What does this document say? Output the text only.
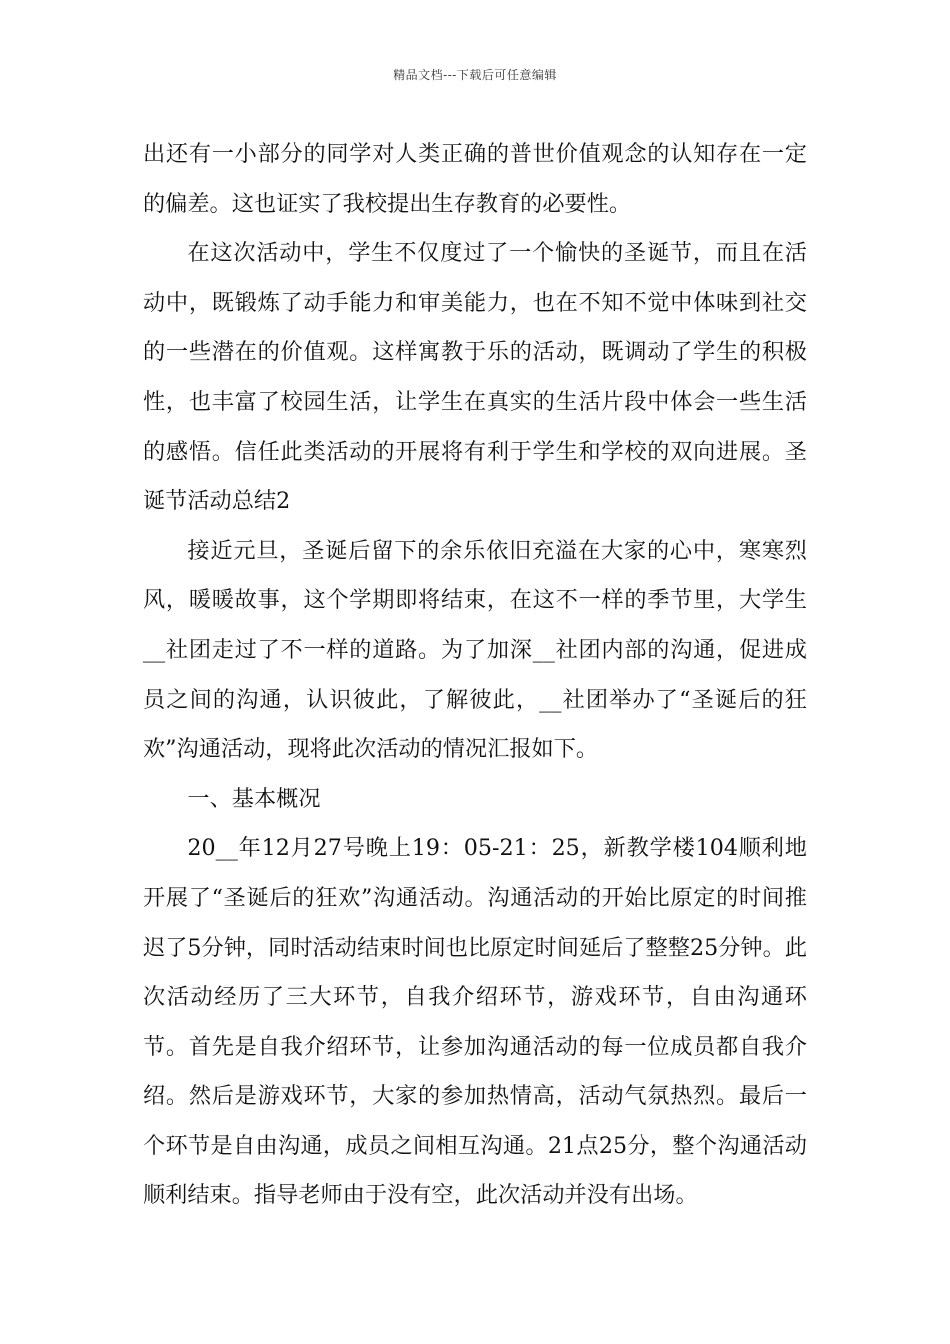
精品文档---下载后可任意编辑

出还有一小部分的同学对人类正确的普世价值观念的认知存在一定的偏差。这也证实了我校提出生存教育的必要性。

在这次活动中，学生不仅度过了一个愉快的圣诞节，而且在活动中，既锻炼了动手能力和审美能力，也在不知不觉中体味到社交的一些潜在的价值观。这样寓教于乐的活动，既调动了学生的积极性，也丰富了校园生活，让学生在真实的生活片段中体会一些生活的感悟。信任此类活动的开展将有利于学生和学校的双向进展。圣诞节活动总结2

接近元旦，圣诞后留下的余乐依旧充溢在大家的心中，寒寒烈风，暖暖故事，这个学期即将结束，在这不一样的季节里，大学生__社团走过了不一样的道路。为了加深__社团内部的沟通，促进成员之间的沟通，认识彼此，了解彼此，__社团举办了“圣诞后的狂欢”沟通活动，现将此次活动的情况汇报如下。

一、基本概况

20__年12月27号晚上19：05-21：25，新教学楼104顺利地开展了“圣诞后的狂欢”沟通活动。沟通活动的开始比原定的时间推迟了5分钟，同时活动结束时间也比原定时间延后了整整25分钟。此次活动经历了三大环节，自我介绍环节，游戏环节，自由沟通环节。首先是自我介绍环节，让参加沟通活动的每一位成员都自我介绍。然后是游戏环节，大家的参加热情高，活动气氛热烈。最后一个环节是自由沟通，成员之间相互沟通。21点25分，整个沟通活动顺利结束。指导老师由于没有空，此次活动并没有出场。
